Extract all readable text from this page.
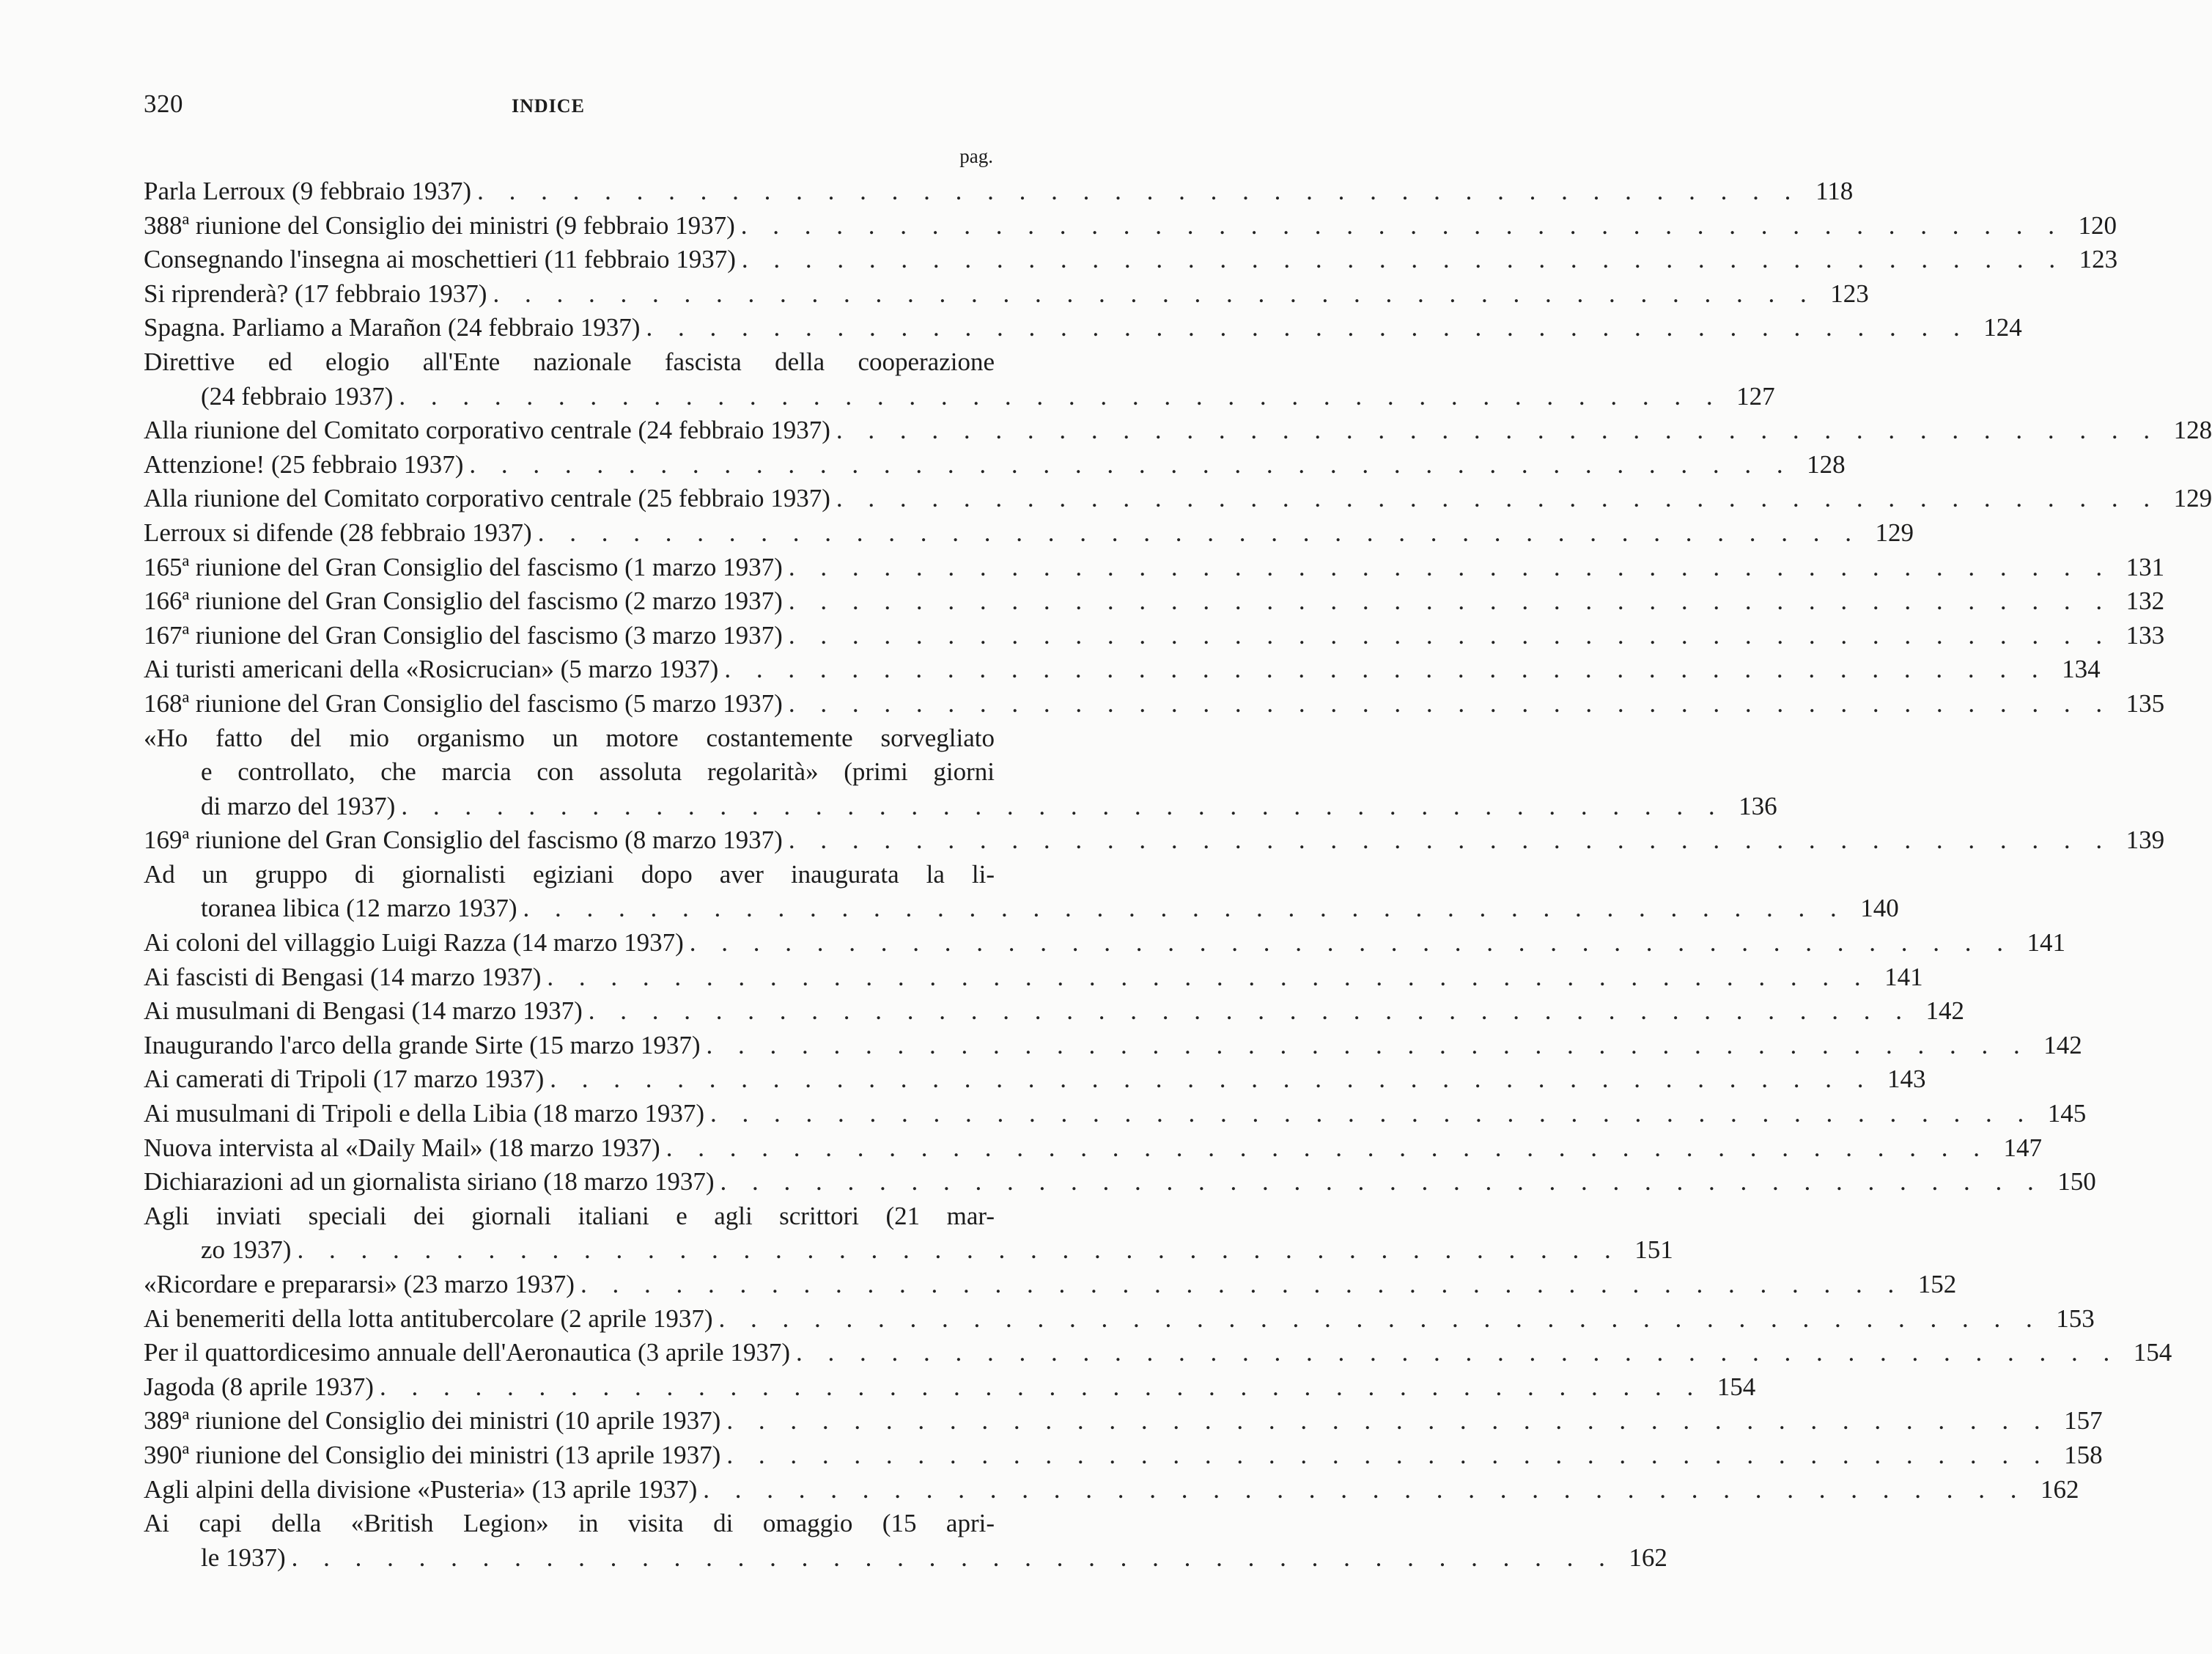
320	INDICE
pag.
Parla Lerroux (9 febbraio 1937) . . . . . . . . . . . . . . . . . . . . . . . . . . . . . . . . . . . . . . . . . . 118
388ª riunione del Consiglio dei ministri (9 febbraio 1937) . . . . . . . . . . . . . . . . . . . . . . . . . . . . . . . . . . . . . . . . . . 120
Consegnando l'insegna ai moschettieri (11 febbraio 1937) . . . . . . . . . . . . . . . . . . . . . . . . . . . . . . . . . . . . . . . . . . 123
Si riprenderà? (17 febbraio 1937) . . . . . . . . . . . . . . . . . . . . . . . . . . . . . . . . . . . . . . . . . . 123
Spagna. Parliamo a Marañon (24 febbraio 1937) . . . . . . . . . . . . . . . . . . . . . . . . . . . . . . . . . . . . . . . . . . 124
Direttive ed elogio all'Ente nazionale fascista della cooperazione
(24 febbraio 1937) . . . . . . . . . . . . . . . . . . . . . . . . . . . . . . . . . . . . . . . . . . 127
Alla riunione del Comitato corporativo centrale (24 febbraio 1937) . . . . . . . . . . . . . . . . . . . . . . . . . . . . . . . . . . . . . . . . . . 128
Attenzione! (25 febbraio 1937) . . . . . . . . . . . . . . . . . . . . . . . . . . . . . . . . . . . . . . . . . . 128
Alla riunione del Comitato corporativo centrale (25 febbraio 1937) . . . . . . . . . . . . . . . . . . . . . . . . . . . . . . . . . . . . . . . . . . 129
Lerroux si difende (28 febbraio 1937) . . . . . . . . . . . . . . . . . . . . . . . . . . . . . . . . . . . . . . . . . . 129
165ª riunione del Gran Consiglio del fascismo (1 marzo 1937) . . . . . . . . . . . . . . . . . . . . . . . . . . . . . . . . . . . . . . . . . . 131
166ª riunione del Gran Consiglio del fascismo (2 marzo 1937) . . . . . . . . . . . . . . . . . . . . . . . . . . . . . . . . . . . . . . . . . . 132
167ª riunione del Gran Consiglio del fascismo (3 marzo 1937) . . . . . . . . . . . . . . . . . . . . . . . . . . . . . . . . . . . . . . . . . . 133
Ai turisti americani della «Rosicrucian» (5 marzo 1937) . . . . . . . . . . . . . . . . . . . . . . . . . . . . . . . . . . . . . . . . . . 134
168ª riunione del Gran Consiglio del fascismo (5 marzo 1937) . . . . . . . . . . . . . . . . . . . . . . . . . . . . . . . . . . . . . . . . . . 135
«Ho fatto del mio organismo un motore costantemente sorvegliato
e controllato, che marcia con assoluta regolarità» (primi giorni
di marzo del 1937) . . . . . . . . . . . . . . . . . . . . . . . . . . . . . . . . . . . . . . . . . . 136
169ª riunione del Gran Consiglio del fascismo (8 marzo 1937) . . . . . . . . . . . . . . . . . . . . . . . . . . . . . . . . . . . . . . . . . . 139
Ad un gruppo di giornalisti egiziani dopo aver inaugurata la li-
toranea libica (12 marzo 1937) . . . . . . . . . . . . . . . . . . . . . . . . . . . . . . . . . . . . . . . . . . 140
Ai coloni del villaggio Luigi Razza (14 marzo 1937) . . . . . . . . . . . . . . . . . . . . . . . . . . . . . . . . . . . . . . . . . . 141
Ai fascisti di Bengasi (14 marzo 1937) . . . . . . . . . . . . . . . . . . . . . . . . . . . . . . . . . . . . . . . . . . 141
Ai musulmani di Bengasi (14 marzo 1937) . . . . . . . . . . . . . . . . . . . . . . . . . . . . . . . . . . . . . . . . . . 142
Inaugurando l'arco della grande Sirte (15 marzo 1937) . . . . . . . . . . . . . . . . . . . . . . . . . . . . . . . . . . . . . . . . . . 142
Ai camerati di Tripoli (17 marzo 1937) . . . . . . . . . . . . . . . . . . . . . . . . . . . . . . . . . . . . . . . . . . 143
Ai musulmani di Tripoli e della Libia (18 marzo 1937) . . . . . . . . . . . . . . . . . . . . . . . . . . . . . . . . . . . . . . . . . . 145
Nuova intervista al «Daily Mail» (18 marzo 1937) . . . . . . . . . . . . . . . . . . . . . . . . . . . . . . . . . . . . . . . . . . 147
Dichiarazioni ad un giornalista siriano (18 marzo 1937) . . . . . . . . . . . . . . . . . . . . . . . . . . . . . . . . . . . . . . . . . . 150
Agli inviati speciali dei giornali italiani e agli scrittori (21 mar-
zo 1937) . . . . . . . . . . . . . . . . . . . . . . . . . . . . . . . . . . . . . . . . . . 151
«Ricordare e prepararsi» (23 marzo 1937) . . . . . . . . . . . . . . . . . . . . . . . . . . . . . . . . . . . . . . . . . . 152
Ai benemeriti della lotta antitubercolare (2 aprile 1937) . . . . . . . . . . . . . . . . . . . . . . . . . . . . . . . . . . . . . . . . . . 153
Per il quattordicesimo annuale dell'Aeronautica (3 aprile 1937) . . . . . . . . . . . . . . . . . . . . . . . . . . . . . . . . . . . . . . . . . . 154
Jagoda (8 aprile 1937) . . . . . . . . . . . . . . . . . . . . . . . . . . . . . . . . . . . . . . . . . . 154
389ª riunione del Consiglio dei ministri (10 aprile 1937) . . . . . . . . . . . . . . . . . . . . . . . . . . . . . . . . . . . . . . . . . . 157
390ª riunione del Consiglio dei ministri (13 aprile 1937) . . . . . . . . . . . . . . . . . . . . . . . . . . . . . . . . . . . . . . . . . . 158
Agli alpini della divisione «Pusteria» (13 aprile 1937) . . . . . . . . . . . . . . . . . . . . . . . . . . . . . . . . . . . . . . . . . . 162
Ai capi della «British Legion» in visita di omaggio (15 apri-
le 1937) . . . . . . . . . . . . . . . . . . . . . . . . . . . . . . . . . . . . . . . . . . 162
